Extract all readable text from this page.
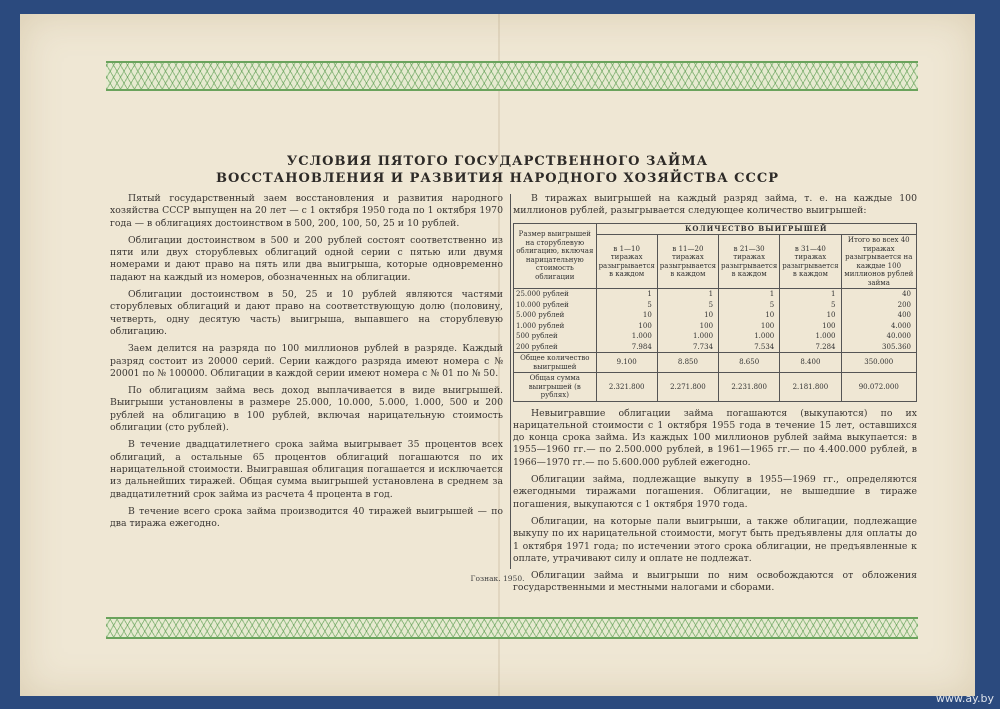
УСЛОВИЯ ПЯТОГО ГОСУДАРСТВЕННОГО ЗАЙМА
ВОССТАНОВЛЕНИЯ И РАЗВИТИЯ НАРОДНОГО ХОЗЯЙСТВА СССР

Пятый государственный заем восстановления и развития народного хозяйства СССР выпущен на 20 лет — с 1 октября 1950 года по 1 октября 1970 года — в облигациях достоинством в 500, 200, 100, 50, 25 и 10 рублей.

Облигации достоинством в 500 и 200 рублей состоят соответственно из пяти или двух сторублевых облигаций одной серии с пятью или двумя номерами и дают право на пять или два выигрыша, которые одновременно падают на каждый из номеров, обозначенных на облигации.

Облигации достоинством в 50, 25 и 10 рублей являются частями сторублевых облигаций и дают право на соответствующую долю (половину, четверть, одну десятую часть) выигрыша, выпавшего на сторублевую облигацию.

Заем делится на разряда по 100 миллионов рублей в разряде. Каждый разряд состоит из 20000 серий. Серии каждого разряда имеют номера с № 20001 по № 100000. Облигации в каждой серии имеют номера с № 01 по № 50.

По облигациям займа весь доход выплачивается в виде выигрышей. Выигрыши установлены в размере 25.000, 10.000, 5.000, 1.000, 500 и 200 рублей на облигацию в 100 рублей, включая нарицательную стоимость облигации (сто рублей).

В течение двадцатилетнего срока займа выигрывает 35 процентов всех облигаций, а остальные 65 процентов облигаций погашаются по их нарицательной стоимости. Выигравшая облигация погашается и исключается из дальнейших тиражей. Общая сумма выигрышей установлена в среднем за двадцатилетний срок займа из расчета 4 процента в год.

В течение всего срока займа производится 40 тиражей выигрышей — по два тиража ежегодно.

В тиражах выигрышей на каждый разряд займа, т. е. на каждые 100 миллионов рублей, разыгрывается следующее количество выигрышей:

Размер выигрышей на сторублевую облигацию, включая нарицательную стоимость облигации	КОЛИЧЕСТВО ВЫИГРЫШЕЙ				
	в 1—10 тиражах разыгрывается в каждом	в 11—20 тиражах разыгрывается в каждом	в 21—30 тиражах разыгрывается в каждом	в 31—40 тиражах разыгрывается в каждом	Итого во всех 40 тиражах разыгрывается на каждые 100 миллионов рублей займа
25.000 рублей	1	1	1	1	40
10.000 рублей	5	5	5	5	200
5.000 рублей	10	10	10	10	400
1.000 рублей	100	100	100	100	4.000
500 рублей	1.000	1.000	1.000	1.000	40.000
200 рублей	7.984	7.734	7.534	7.284	305.360
Общее количество выигрышей	9.100	8.850	8.650	8.400	350.000
Общая сумма
выигрышей (в рублях)	2.321.800	2.271.800	2.231.800	2.181.800	90.072.000

Невыигравшие облигации займа погашаются (выкупаются) по их нарицательной стоимости с 1 октября 1955 года в течение 15 лет, оставшихся до конца срока займа. Из каждых 100 миллионов рублей займа выкупается: в 1955—1960 гг.— по 2.500.000 рублей, в 1961—1965 гг.— по 4.400.000 рублей, в 1966—1970 гг.— по 5.600.000 рублей ежегодно.

Облигации займа, подлежащие выкупу в 1955—1969 гг., определяются ежегодными тиражами погашения. Облигации, не вышедшие в тираже погашения, выкупаются с 1 октября 1970 года.

Облигации, на которые пали выигрыши, а также облигации, подлежащие выкупу по их нарицательной стоимости, могут быть предъявлены для оплаты до 1 октября 1971 года; по истечении этого срока облигации, не предъявленные к оплате, утрачивают силу и оплате не подлежат.

Облигации займа и выигрыши по ним освобождаются от обложения государственными и местными налогами и сборами.

Гознак. 1950.
www.ay.by
